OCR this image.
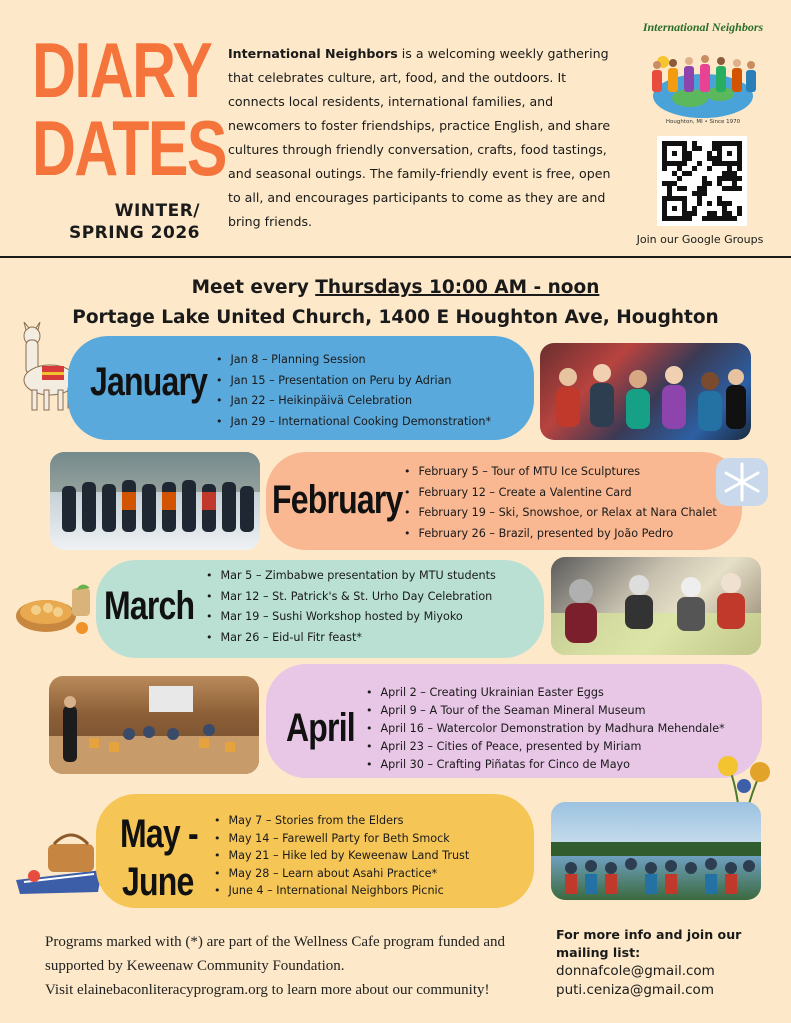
DIARY
DATES
WINTER/
SPRING 2026
International Neighbors is a welcoming weekly gathering that celebrates culture, art, food, and the outdoors. It connects local residents, international families, and newcomers to foster friendships, practice English, and share cultures through friendly conversation, crafts, food tastings, and seasonal outings. The family-friendly event is free, open to all, and encourages participants to come as they are and bring friends.
International Neighbors
Houghton, MI • Since 1970
Join our Google Groups
Meet every Thursdays 10:00 AM - noon
Portage Lake United Church, 1400 E Houghton Ave, Houghton
January
• Jan 8 – Planning Session
• Jan 15 – Presentation on Peru by Adrian
• Jan 22 – Heikinpäivä Celebration
• Jan 29 – International Cooking Demonstration*
February
• February 5 – Tour of MTU Ice Sculptures
• February 12 – Create a Valentine Card
• February 19 – Ski, Snowshoe, or Relax at Nara Chalet
• February 26 – Brazil, presented by João Pedro
March
• Mar 5 – Zimbabwe presentation by MTU students
• Mar 12 – St. Patrick's & St. Urho Day Celebration
• Mar 19 – Sushi Workshop hosted by Miyoko
• Mar 26 – Eid-ul Fitr feast*
April
• April 2 – Creating Ukrainian Easter Eggs
• April 9 – A Tour of the Seaman Mineral Museum
• April 16 – Watercolor Demonstration by Madhura Mehendale*
• April 23 – Cities of Peace, presented by Miriam
• April 30 – Crafting Piñatas for Cinco de Mayo
May -
June
• May 7 – Stories from the Elders
• May 14 – Farewell Party for Beth Smock
• May 21 – Hike led by Keweenaw Land Trust
• May 28 – Learn about Asahi Practice*
• June 4 – International Neighbors Picnic
Programs marked with (*) are part of the Wellness Cafe program funded and
supported by Keweenaw Community Foundation.
Visit elainebaconliteracyprogram.org to learn more about our community!
For more info and join our
mailing list:
donnafcole@gmail.com
puti.ceniza@gmail.com
